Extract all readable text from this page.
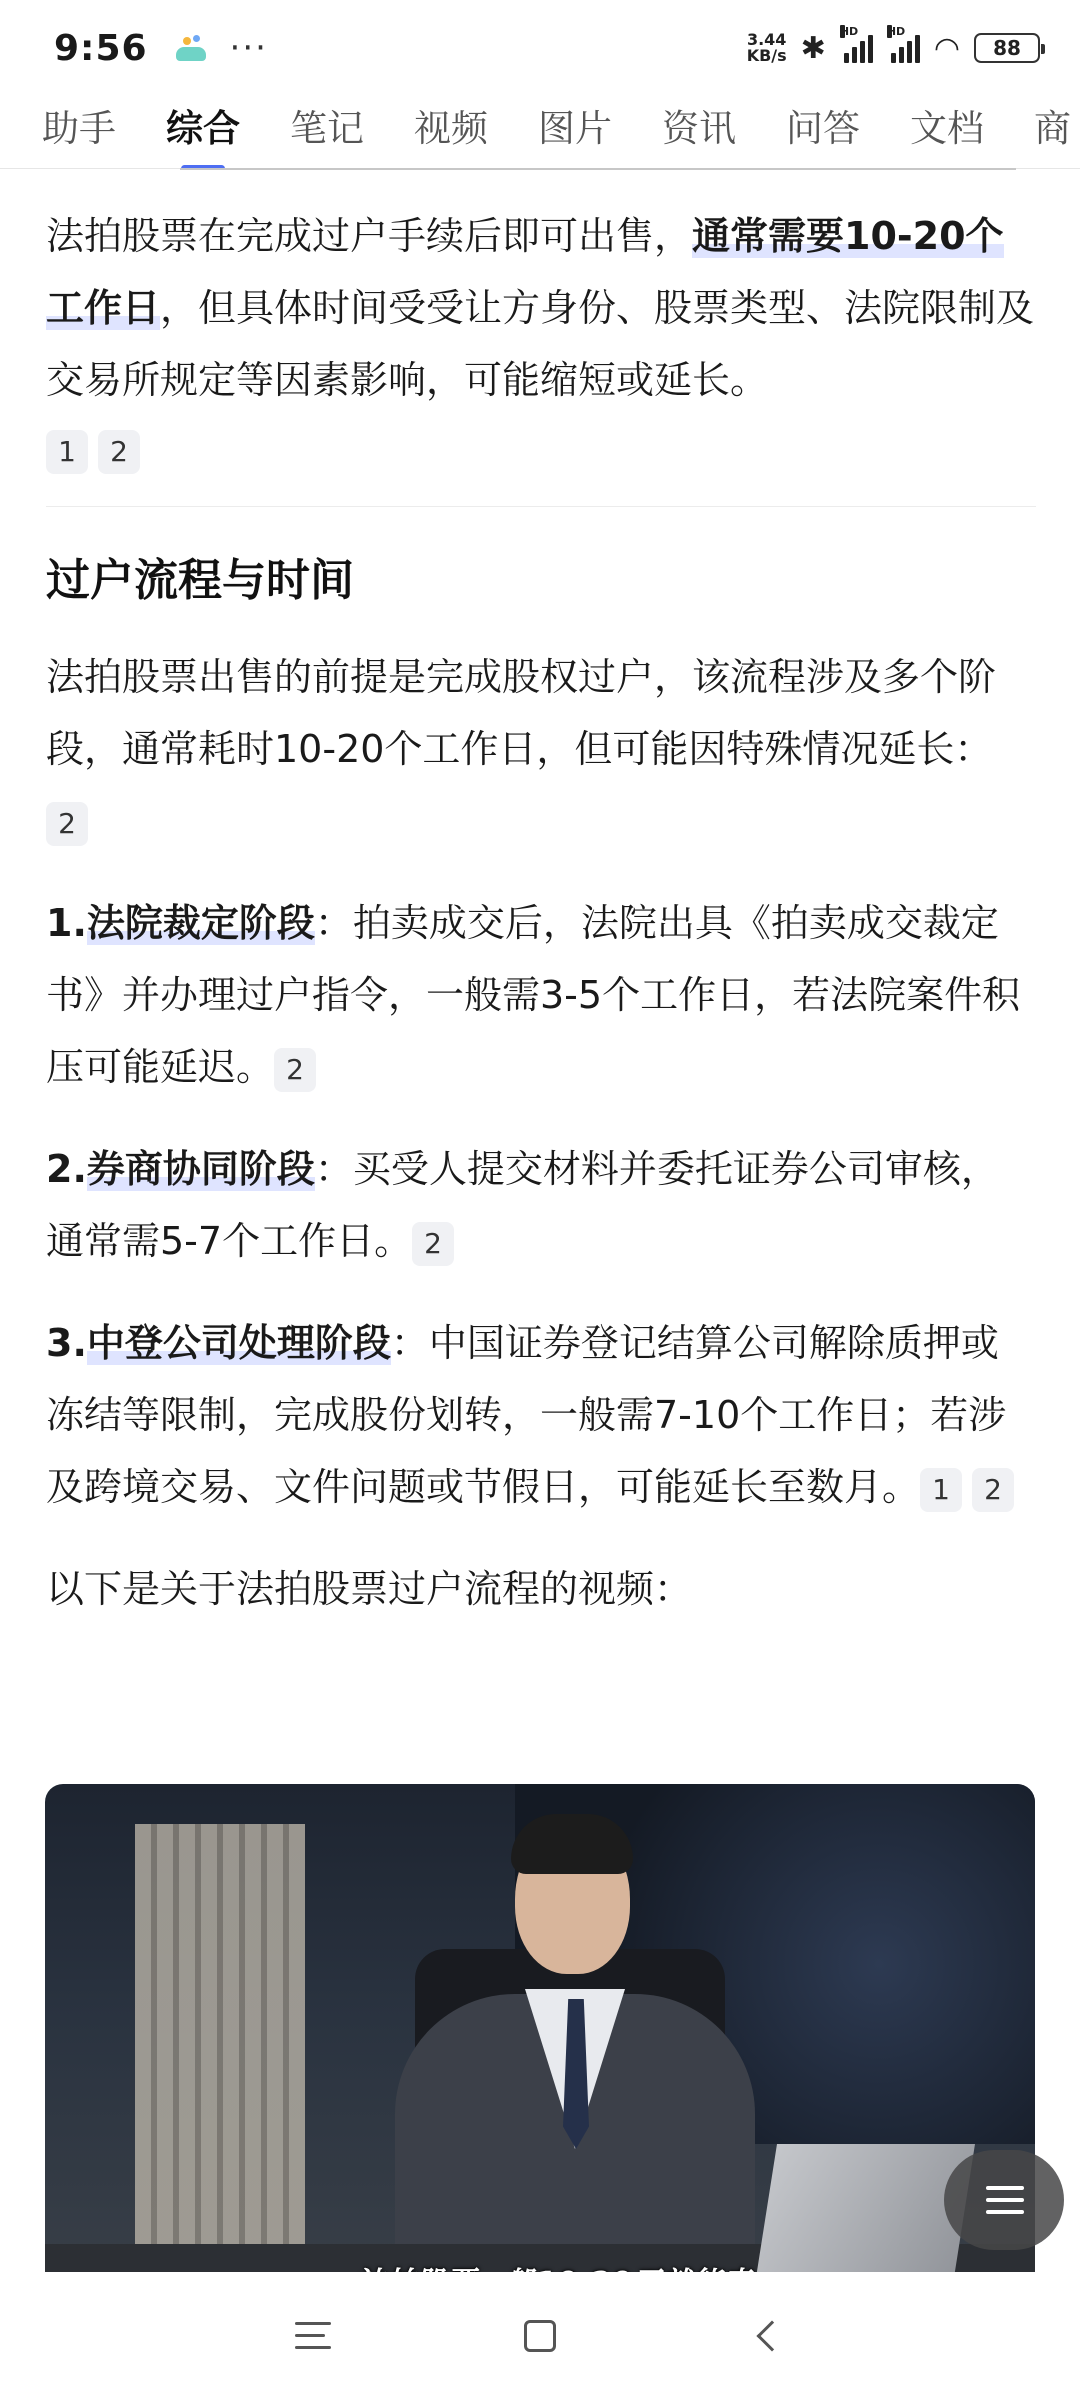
9:56 ···	3.44
KB/s ✱ HD	HD ◠	88
助手 综合 笔记 视频 图片 资讯 问答 文档 商

法拍股票在完成过户手续后即可出售，通常需要10-20个工作日，但具体时间受受让方身份、股票类型、法院限制及交易所规定等因素影响，可能缩短或延长。

1	2
过户流程与时间

法拍股票出售的前提是完成股权过户，该流程涉及多个阶段，通常耗时10-20个工作日，但可能因特殊情况延长：2

1.法院裁定阶段：拍卖成交后，法院出具《拍卖成交裁定书》并办理过户指令，一般需3-5个工作日，若法院案件积压可能延迟。 2

2.券商协同阶段：买受人提交材料并委托证券公司审核，通常需5-7个工作日。 2

3.中登公司处理阶段：中国证券登记结算公司解除质押或冻结等限制，完成股份划转，一般需7-10个工作日；若涉及跨境交易、文件问题或节假日，可能延长至数月。 1 2

以下是关于法拍股票过户流程的视频：
